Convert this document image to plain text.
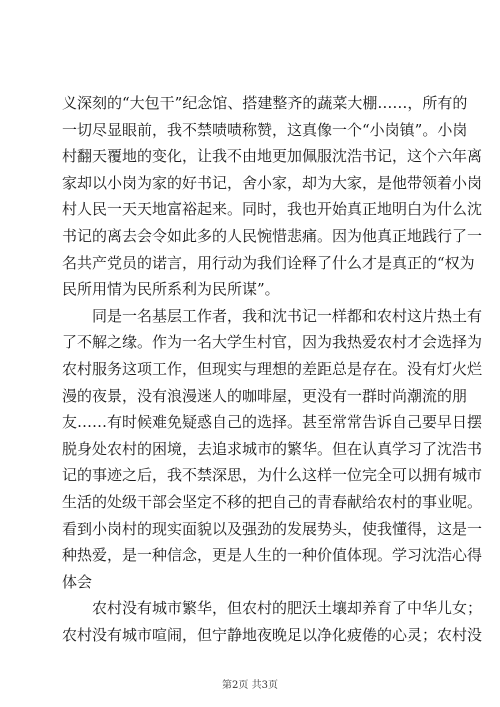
义深刻的“大包干”纪念馆、搭建整齐的蔬菜大棚……，所有的
一切尽显眼前，我不禁啧啧称赞，这真像一个“小岗镇”。小岗
村翻天覆地的变化，让我不由地更加佩服沈浩书记，这个六年离
家却以小岗为家的好书记，舍小家，却为大家，是他带领着小岗
村人民一天天地富裕起来。同时，我也开始真正地明白为什么沈
书记的离去会令如此多的人民惋惜悲痛。因为他真正地践行了一
名共产党员的诺言，用行动为我们诠释了什么才是真正的“权为
民所用情为民所系利为民所谋”。
同是一名基层工作者，我和沈书记一样都和农村这片热土有
了不解之缘。作为一名大学生村官，因为我热爱农村才会选择为
农村服务这项工作，但现实与理想的差距总是存在。没有灯火烂
漫的夜景，没有浪漫迷人的咖啡屋，更没有一群时尚潮流的朋
友……有时候难免疑惑自己的选择。甚至常常告诉自己要早日摆
脱身处农村的困境，去追求城市的繁华。但在认真学习了沈浩书
记的事迹之后，我不禁深思，为什么这样一位完全可以拥有城市
生活的处级干部会坚定不移的把自己的青春献给农村的事业呢。
看到小岗村的现实面貌以及强劲的发展势头，使我懂得，这是一
种热爱，是一种信念，更是人生的一种价值体现。学习沈浩心得
体会
农村没有城市繁华，但农村的肥沃土壤却养育了中华儿女；
农村没有城市喧闹，但宁静地夜晚足以净化疲倦的心灵；农村没
第2页 共3页
